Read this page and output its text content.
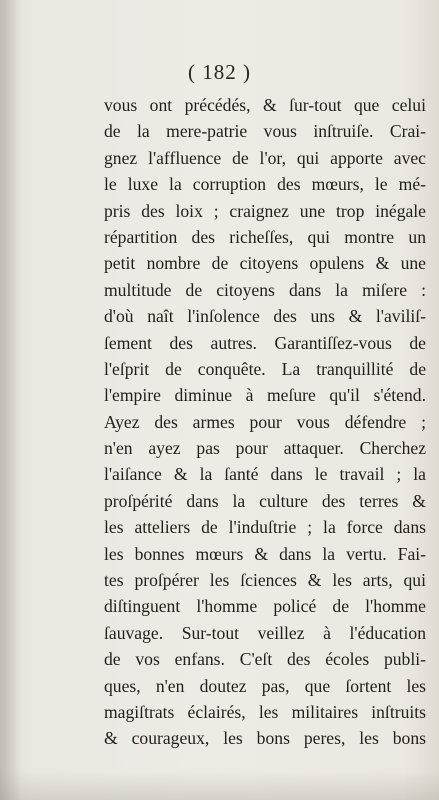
( 182 )
vous ont précédés, & ſur-tout que celui
de la mere-patrie vous inſtruiſe. Crai-
gnez l'affluence de l'or, qui apporte avec
le luxe la corruption des mœurs, le mé-
pris des loix ; craignez une trop inégale
répartition des richeſſes, qui montre un
petit nombre de citoyens opulens & une
multitude de citoyens dans la miſere :
d'où naît l'inſolence des uns & l'aviliſ-
ſement des autres. Garantiſſez-vous de
l'eſprit de conquête. La tranquillité de
l'empire diminue à meſure qu'il s'étend.
Ayez des armes pour vous défendre ;
n'en ayez pas pour attaquer. Cherchez
l'aiſance & la ſanté dans le travail ; la
proſpérité dans la culture des terres &
les atteliers de l'induſtrie ; la force dans
les bonnes mœurs & dans la vertu. Fai-
tes proſpérer les ſciences & les arts, qui
diſtinguent l'homme policé de l'homme
ſauvage. Sur-tout veillez à l'éducation
de vos enfans. C'eſt des écoles publi-
ques, n'en doutez pas, que ſortent les
magiſtrats éclairés, les militaires inſtruits
& courageux, les bons peres, les bons
